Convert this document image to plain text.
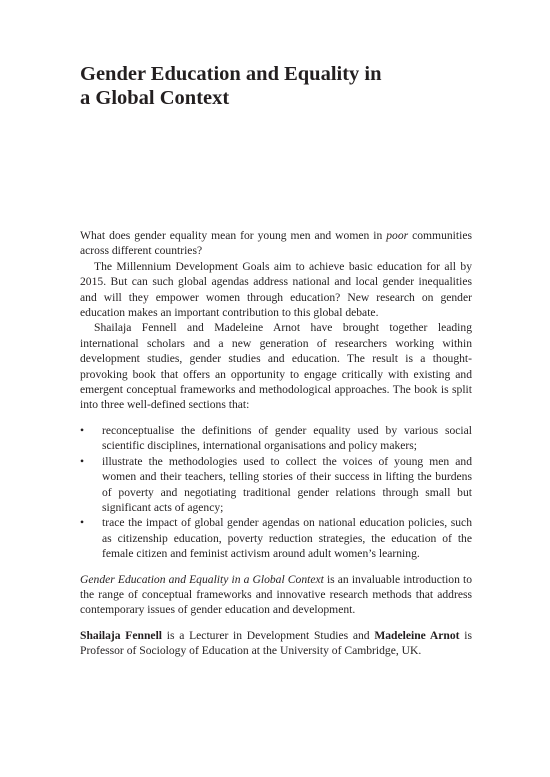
Gender Education and Equality in
a Global Context

What does gender equality mean for young men and women in poor communities across different countries?

The Millennium Development Goals aim to achieve basic education for all by 2015. But can such global agendas address national and local gender inequalities and will they empower women through education? New research on gender education makes an important contribution to this global debate.

Shailaja Fennell and Madeleine Arnot have brought together leading international scholars and a new generation of researchers working within development studies, gender studies and education. The result is a thought-provoking book that offers an opportunity to engage critically with existing and emergent conceptual frameworks and methodological approaches. The book is split into three well-defined sections that:

• reconceptualise the definitions of gender equality used by various social scientific disciplines, international organisations and policy makers;
• illustrate the methodologies used to collect the voices of young men and women and their teachers, telling stories of their success in lifting the burdens of poverty and negotiating traditional gender relations through small but significant acts of agency;
• trace the impact of global gender agendas on national education policies, such as citizenship education, poverty reduction strategies, the education of the female citizen and feminist activism around adult women’s learning.

Gender Education and Equality in a Global Context is an invaluable introduction to the range of conceptual frameworks and innovative research methods that address contemporary issues of gender education and development.

Shailaja Fennell is a Lecturer in Development Studies and Madeleine Arnot is Professor of Sociology of Education at the University of Cambridge, UK.
